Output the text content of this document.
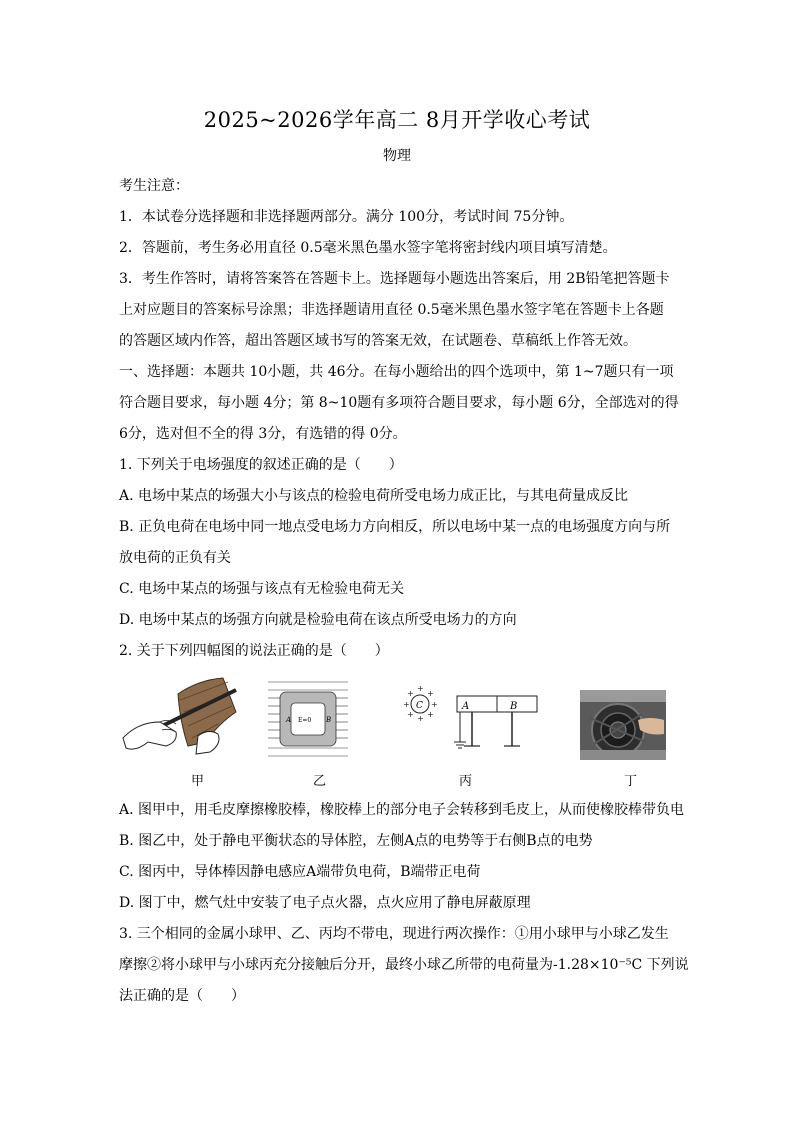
2025~2026学年高二 8月开学收心考试
物理
考生注意：
1．本试卷分选择题和非选择题两部分。满分 100分，考试时间 75分钟。
2．答题前，考生务必用直径 0.5毫米黑色墨水签字笔将密封线内项目填写清楚。
3．考生作答时，请将答案答在答题卡上。选择题每小题选出答案后，用 2B铅笔把答题卡
上对应题目的答案标号涂黑；非选择题请用直径 0.5毫米黑色墨水签字笔在答题卡上各题
的答题区域内作答，超出答题区域书写的答案无效，在试题卷、草稿纸上作答无效。
一、选择题：本题共 10小题，共 46分。在每小题给出的四个选项中，第 1~7题只有一项
符合题目要求，每小题 4分；第 8~10题有多项符合题目要求，每小题 6分，全部选对的得
6分，选对但不全的得 3分，有选错的得 0分。
1. 下列关于电场强度的叙述正确的是（　　）
A. 电场中某点的场强大小与该点的检验电荷所受电场力成正比，与其电荷量成反比
B. 正负电荷在电场中同一地点受电场力方向相反，所以电场中某一点的电场强度方向与所
放电荷的正负有关
C. 电场中某点的场强与该点有无检验电荷无关
D. 电场中某点的场强方向就是检验电荷在该点所受电场力的方向
2. 关于下列四幅图的说法正确的是（　　）
A	B
E=0
C
+
+	+
+
+ +
+ +
A	B
甲	乙	丙	丁
A. 图甲中，用毛皮摩擦橡胶棒，橡胶棒上的部分电子会转移到毛皮上，从而使橡胶棒带负电
B. 图乙中，处于静电平衡状态的导体腔，左侧A点的电势等于右侧B点的电势
C. 图丙中，导体棒因静电感应A端带负电荷，B端带正电荷
D. 图丁中，燃气灶中安装了电子点火器，点火应用了静电屏蔽原理
3. 三个相同的金属小球甲、乙、丙均不带电，现进行两次操作：①用小球甲与小球乙发生
摩擦②将小球甲与小球丙充分接触后分开，最终小球乙所带的电荷量为-1.28×10⁻⁵C 下列说
法正确的是（　　）
